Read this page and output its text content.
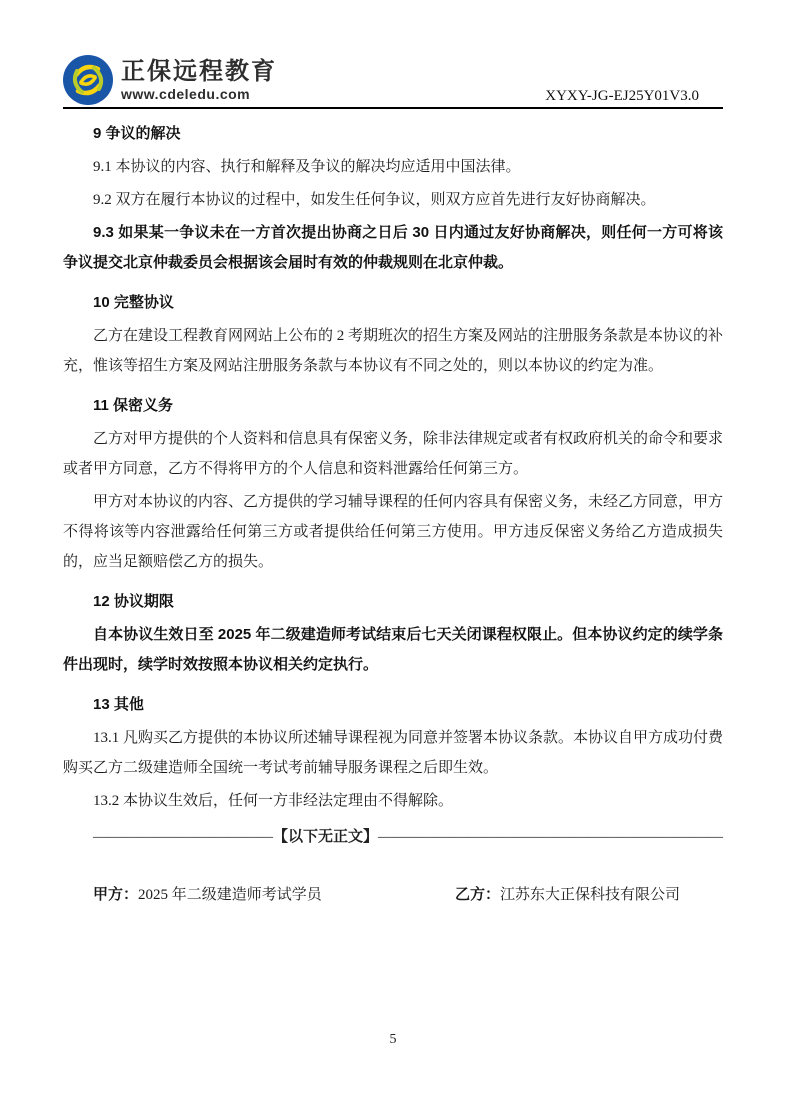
正保远程教育
www.cdeledu.com	XYXY-JG-EJ25Y01V3.0

9 争议的解决

9.1 本协议的内容、执行和解释及争议的解决均应适用中国法律。

9.2 双方在履行本协议的过程中，如发生任何争议，则双方应首先进行友好协商解决。

9.3 如果某一争议未在一方首次提出协商之日后 30 日内通过友好协商解决，则任何一方可将该争议提交北京仲裁委员会根据该会届时有效的仲裁规则在北京仲裁。

10 完整协议

乙方在建设工程教育网网站上公布的 2 考期班次的招生方案及网站的注册服务条款是本协议的补充，惟该等招生方案及网站注册服务条款与本协议有不同之处的，则以本协议的约定为准。

11 保密义务

乙方对甲方提供的个人资料和信息具有保密义务，除非法律规定或者有权政府机关的命令和要求或者甲方同意，乙方不得将甲方的个人信息和资料泄露给任何第三方。

甲方对本协议的内容、乙方提供的学习辅导课程的任何内容具有保密义务，未经乙方同意，甲方不得将该等内容泄露给任何第三方或者提供给任何第三方使用。甲方违反保密义务给乙方造成损失的，应当足额赔偿乙方的损失。

12 协议期限

自本协议生效日至 2025 年二级建造师考试结束后七天关闭课程权限止。但本协议约定的续学条件出现时，续学时效按照本协议相关约定执行。

13 其他

13.1 凡购买乙方提供的本协议所述辅导课程视为同意并签署本协议条款。本协议自甲方成功付费购买乙方二级建造师全国统一考试考前辅导服务课程之后即生效。

13.2 本协议生效后，任何一方非经法定理由不得解除。

————————————【以下无正文】———————————————————————
甲方：2025 年二级建造师考试学员	乙方：江苏东大正保科技有限公司
5
